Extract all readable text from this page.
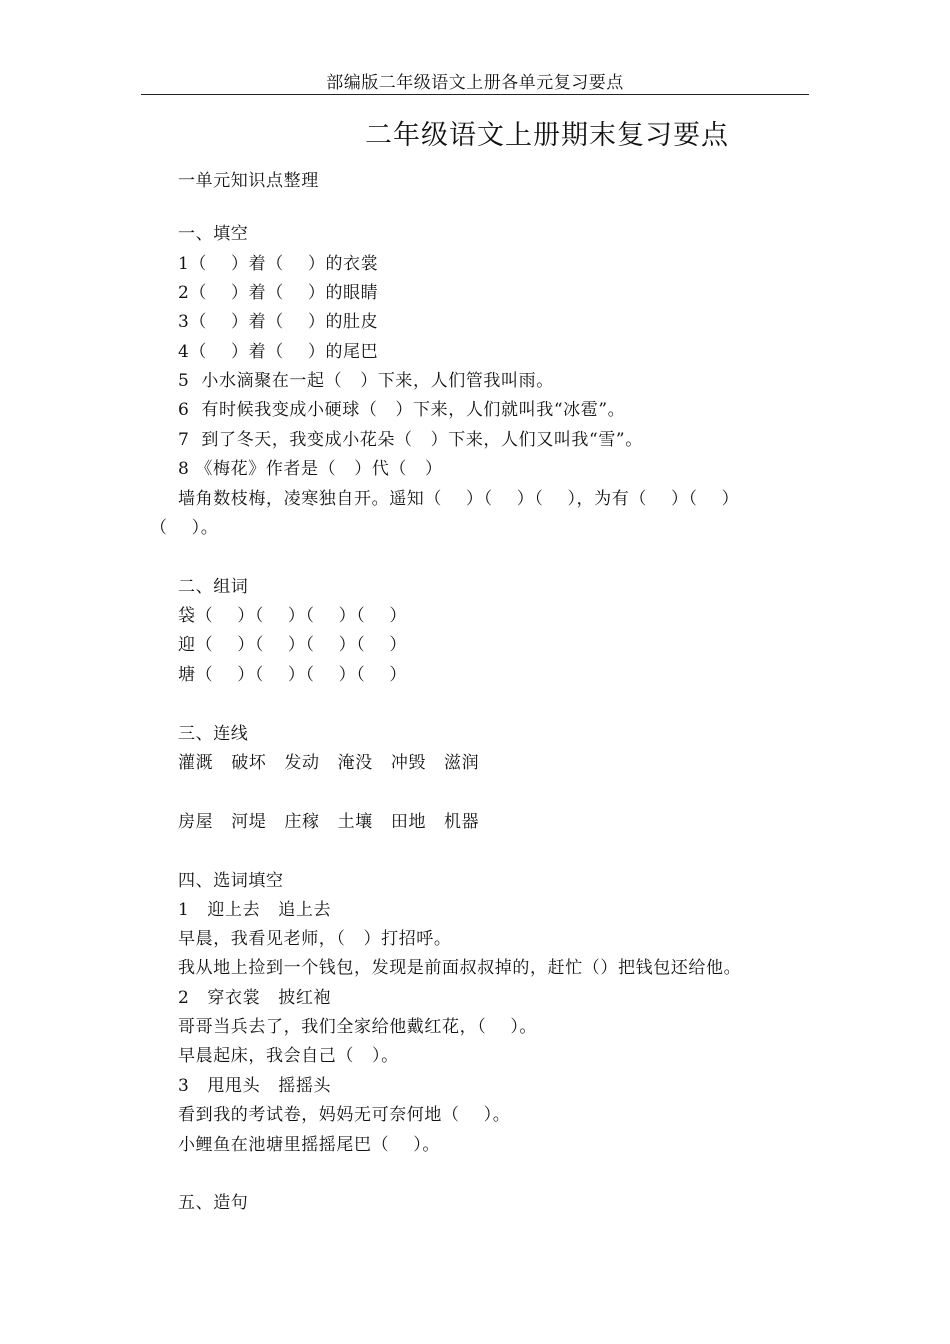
部编版二年级语文上册各单元复习要点
二年级语文上册期末复习要点
一单元知识点整理
一、填空
1（    ）着（    ）的衣裳
2（    ）着（    ）的眼睛
3（    ）着（    ）的肚皮
4（    ）着（    ）的尾巴
5  小水滴聚在一起（   ）下来，人们管我叫雨。
6  有时候我变成小硬球（   ）下来，人们就叫我“冰雹”。
7  到了冬天，我变成小花朵（   ）下来，人们又叫我“雪”。
8 《梅花》作者是（   ）代（   ）
墙角数枝梅，凌寒独自开。遥知（    ）（    ）（    ），为有（    ）（    ）
（    ）。
二、组词
袋（    ）（    ）（    ）（    ）
迎（    ）（    ）（    ）（    ）
塘（    ）（    ）（    ）（    ）
三、连线
灌溉   破坏   发动   淹没   冲毁   滋润
房屋   河堤   庄稼   土壤   田地   机器
四、选词填空
1   迎上去   追上去
早晨，我看见老师，（   ）打招呼。
我从地上捡到一个钱包，发现是前面叔叔掉的，赶忙（）把钱包还给他。
2   穿衣裳   披红袍
哥哥当兵去了，我们全家给他戴红花，（    ）。
早晨起床，我会自己（   ）。
3   甩甩头   摇摇头
看到我的考试卷，妈妈无可奈何地（    ）。
小鲤鱼在池塘里摇摇尾巴（    ）。
五、造句
